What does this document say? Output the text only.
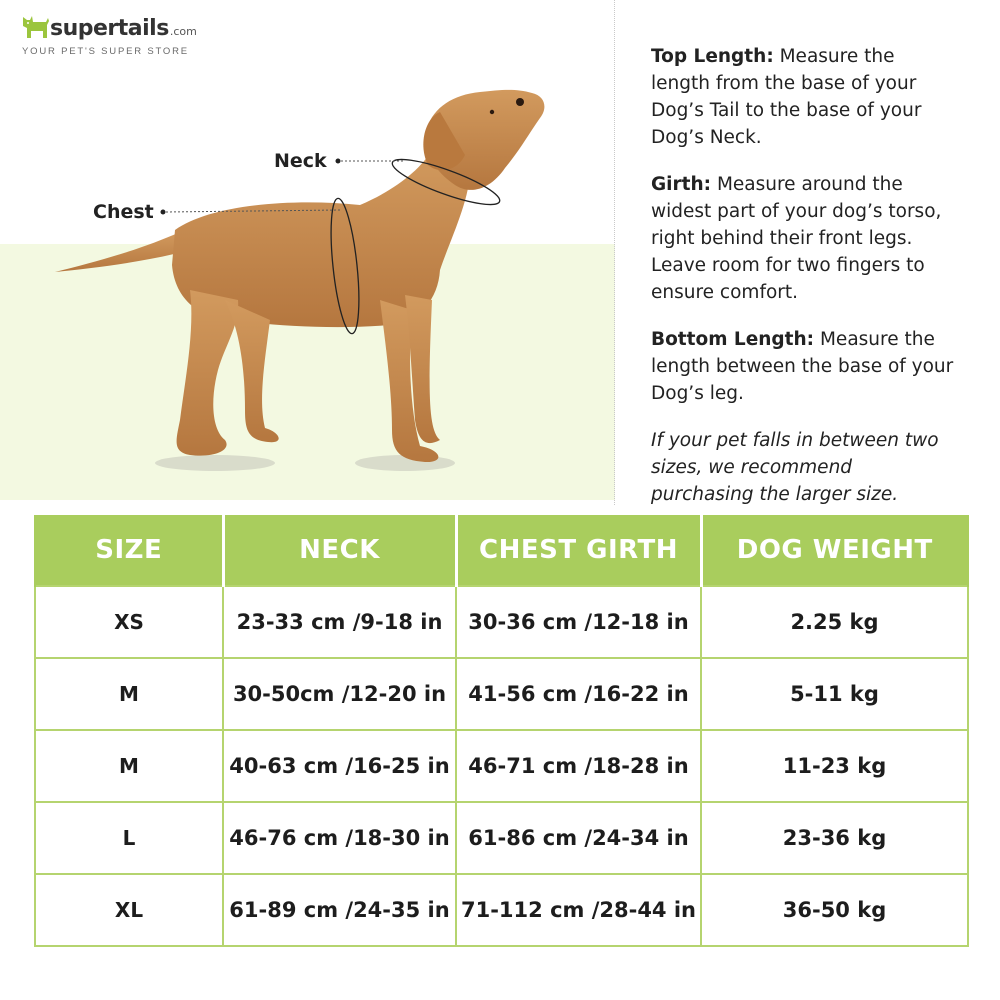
supertails .com
YOUR PET'S SUPER STORE
Neck
Chest

Top Length: Measure the length from the base of your Dog’s Tail to the base of your Dog’s Neck.

Girth: Measure around the widest part of your dog’s torso, right behind their front legs. Leave room for two fingers to ensure comfort.

Bottom Length: Measure the length between the base of your Dog’s leg.

If your pet falls in between two sizes, we recommend purchasing the larger size.

SIZE	NECK	CHEST GIRTH	DOG WEIGHT
XS	23-33 cm /9-18 in	30-36 cm /12-18 in	2.25 kg
M	30-50cm /12-20 in	41-56 cm /16-22 in	5-11 kg
M	40-63 cm /16-25 in	46-71 cm /18-28 in	11-23 kg
L	46-76 cm /18-30 in	61-86 cm /24-34 in	23-36 kg
XL	61-89 cm /24-35 in	71-112 cm /28-44 in	36-50 kg
